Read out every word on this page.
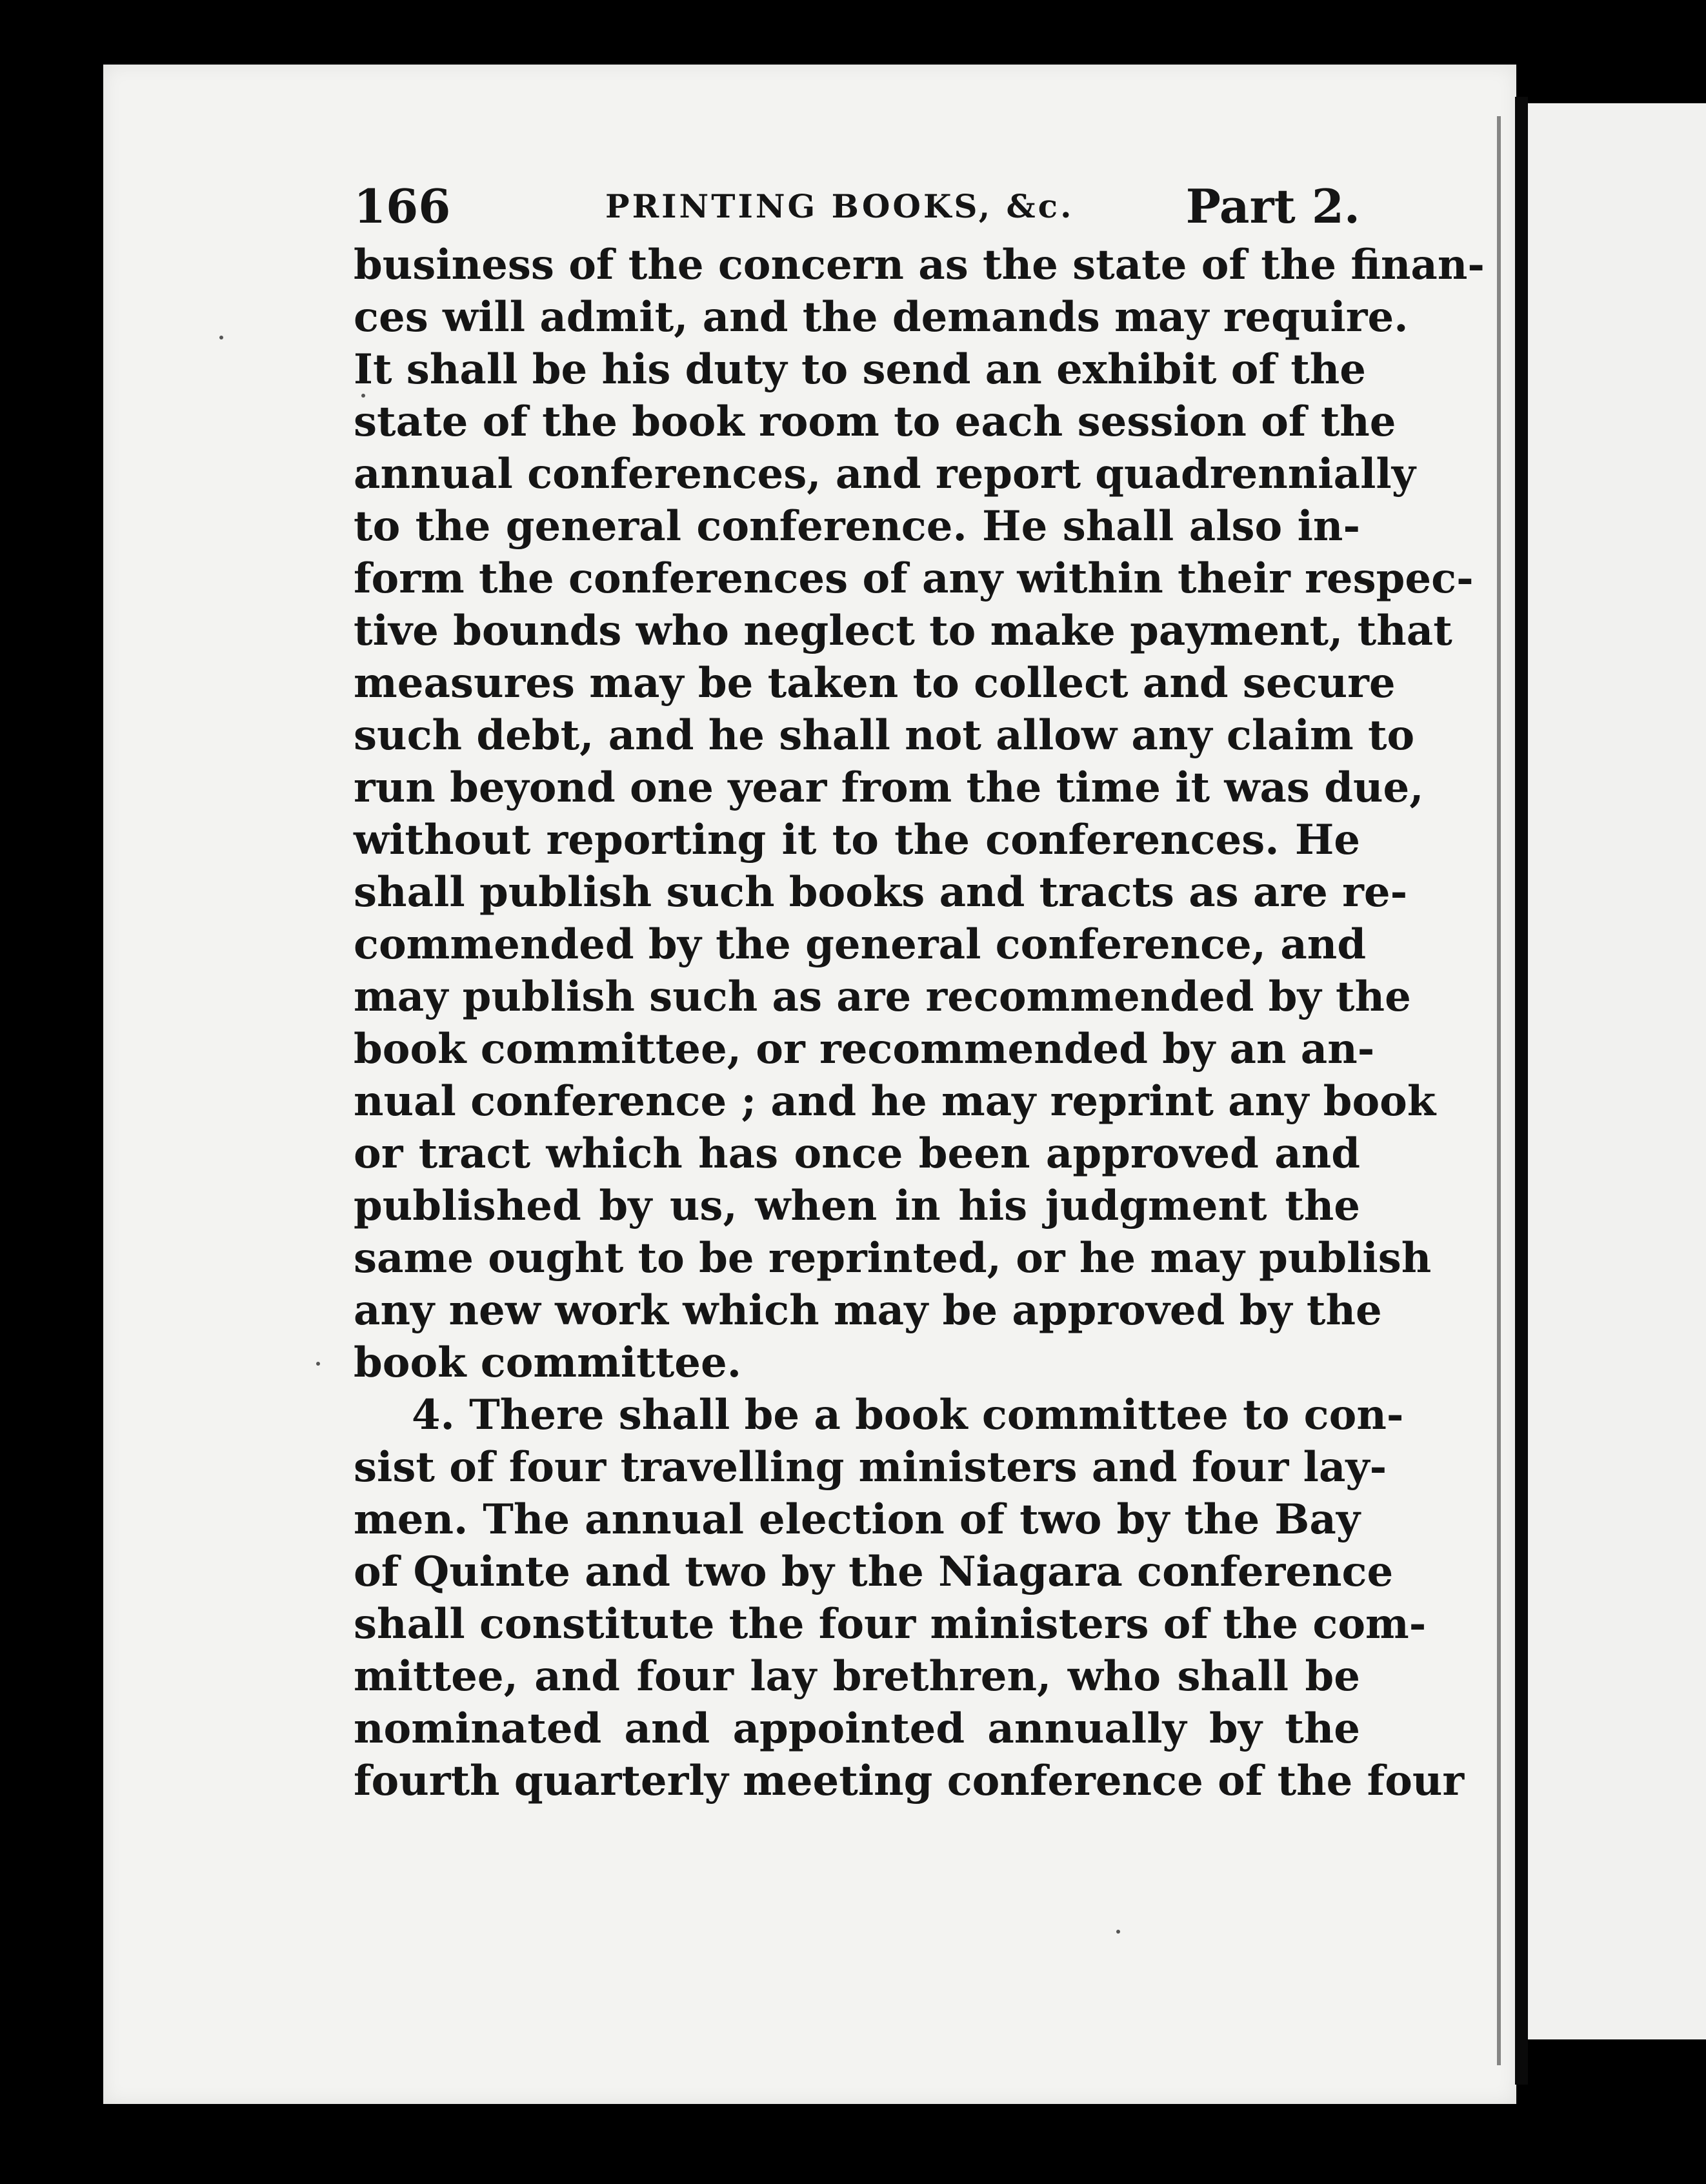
166	PRINTING BOOKS, &c. Part 2.
business of the concern as the state of the finan-
ces will admit, and the demands may require.
It shall be his duty to send an exhibit of the
state of the book room to each session of the
annual conferences, and report quadrennially
to the general conference. He shall also in-
form the conferences of any within their respec-
tive bounds who neglect to make payment, that
measures may be taken to collect and secure
such debt, and he shall not allow any claim to
run beyond one year from the time it was due,
without reporting it to the conferences. He
shall publish such books and tracts as are re-
commended by the general conference, and
may publish such as are recommended by the
book committee, or recommended by an an-
nual conference ; and he may reprint any book
or tract which has once been approved and
published by us, when in his judgment the
same ought to be reprinted, or he may publish
any new work which may be approved by the
book committee.
4. There shall be a book committee to con-
sist of four travelling ministers and four lay-
men. The annual election of two by the Bay
of Quinte and two by the Niagara conference
shall constitute the four ministers of the com-
mittee, and four lay brethren, who shall be
nominated and appointed annually by the
fourth quarterly meeting conference of the four
